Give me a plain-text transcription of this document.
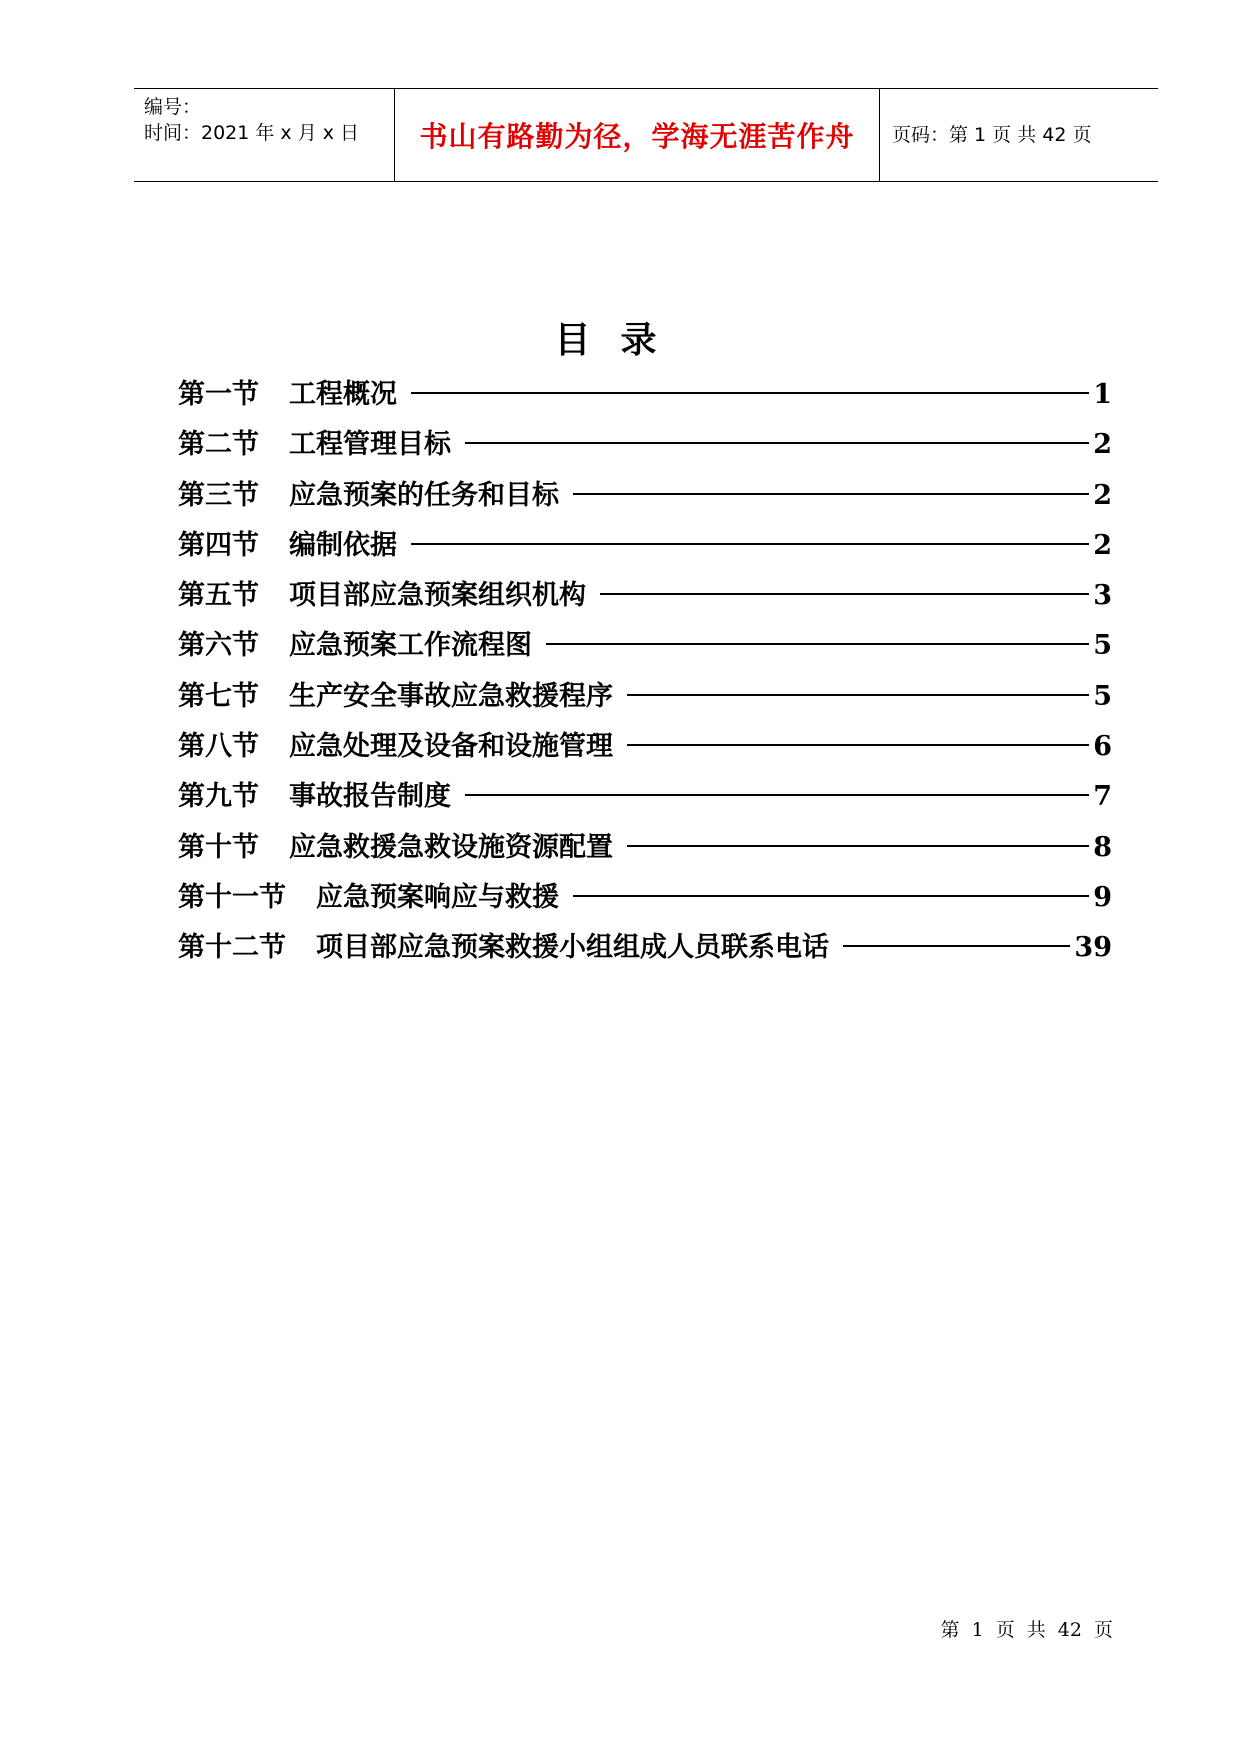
编号：
时间：2021 年 x 月 x 日 书山有路勤为径，学海无涯苦作舟 页码：第 1 页 共 42 页
目录
第一节 工程概况	1
第二节 工程管理目标	2
第三节 应急预案的任务和目标	2
第四节 编制依据	2
第五节 项目部应急预案组织机构	3
第六节 应急预案工作流程图	5
第七节 生产安全事故应急救援程序	5
第八节 应急处理及设备和设施管理	6
第九节 事故报告制度	7
第十节 应急救援急救设施资源配置	8
第十一节 应急预案响应与救援	9
第十二节 项目部应急预案救援小组组成人员联系电话	39
第 1 页 共 42 页
